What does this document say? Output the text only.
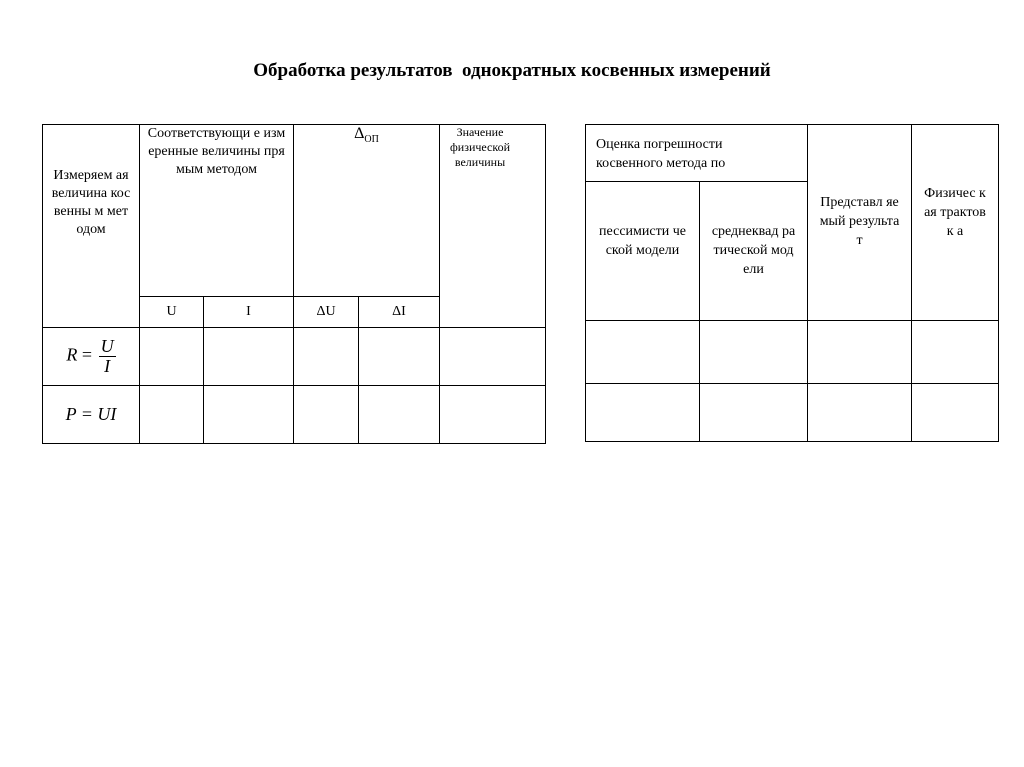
Обработка результатов  однократных косвенных измерений
Измеряем ая величина косвенны м методом	Соответствующи е измеренные величины прямым методом		$\Delta_{ОП}$		Значение физической величины

	U	I	ΔU	ΔI	
$R = \frac{U}{I}$

P = UI					
Оценка погрешности косвенного метода по		Представл яемый результат	Физичес кая трактовк а

пессимисти ческой модели	среднеквад ратической модели		
